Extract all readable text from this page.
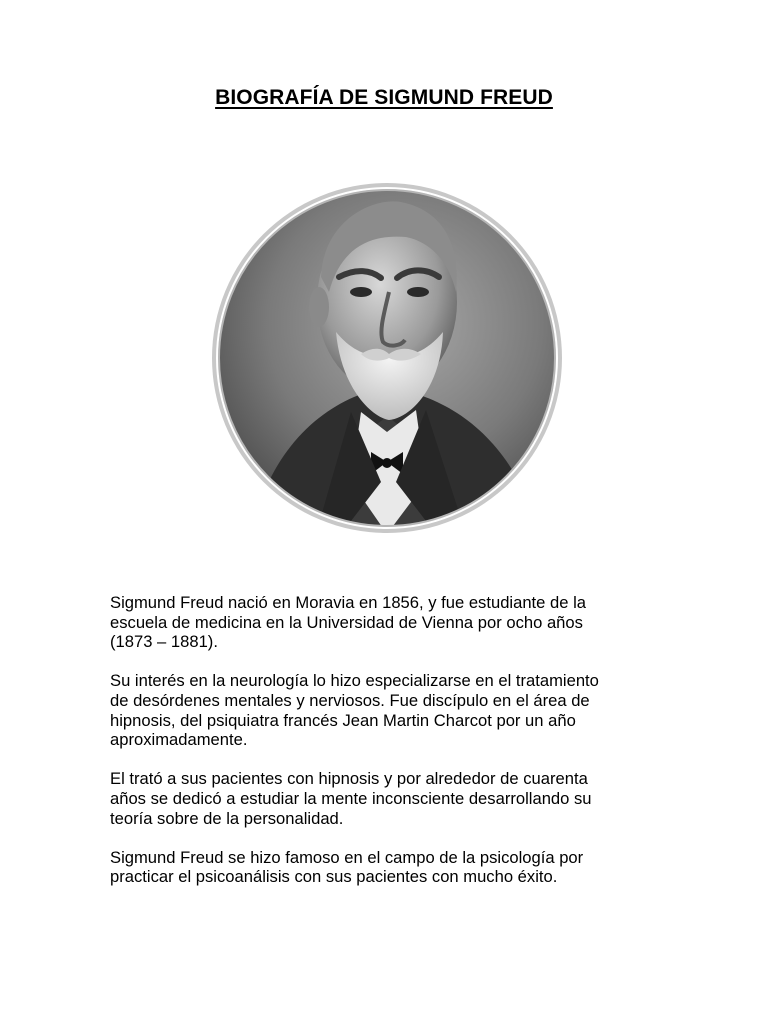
BIOGRAFÍA DE SIGMUND FREUD

Sigmund Freud nació en Moravia en 1856, y fue estudiante de la
escuela de medicina en la Universidad de Vienna por ocho años
(1873 – 1881).

Su interés en la neurología lo hizo especializarse en el tratamiento
de desórdenes mentales y nerviosos. Fue discípulo en el área de
hipnosis, del psiquiatra francés Jean Martin Charcot por un año
aproximadamente.

El trató a sus pacientes con hipnosis y por alrededor de cuarenta
años se dedicó a estudiar la mente inconsciente desarrollando su
teoría sobre de la personalidad.

Sigmund Freud se hizo famoso en el campo de la psicología por
practicar el psicoanálisis con sus pacientes con mucho éxito.
